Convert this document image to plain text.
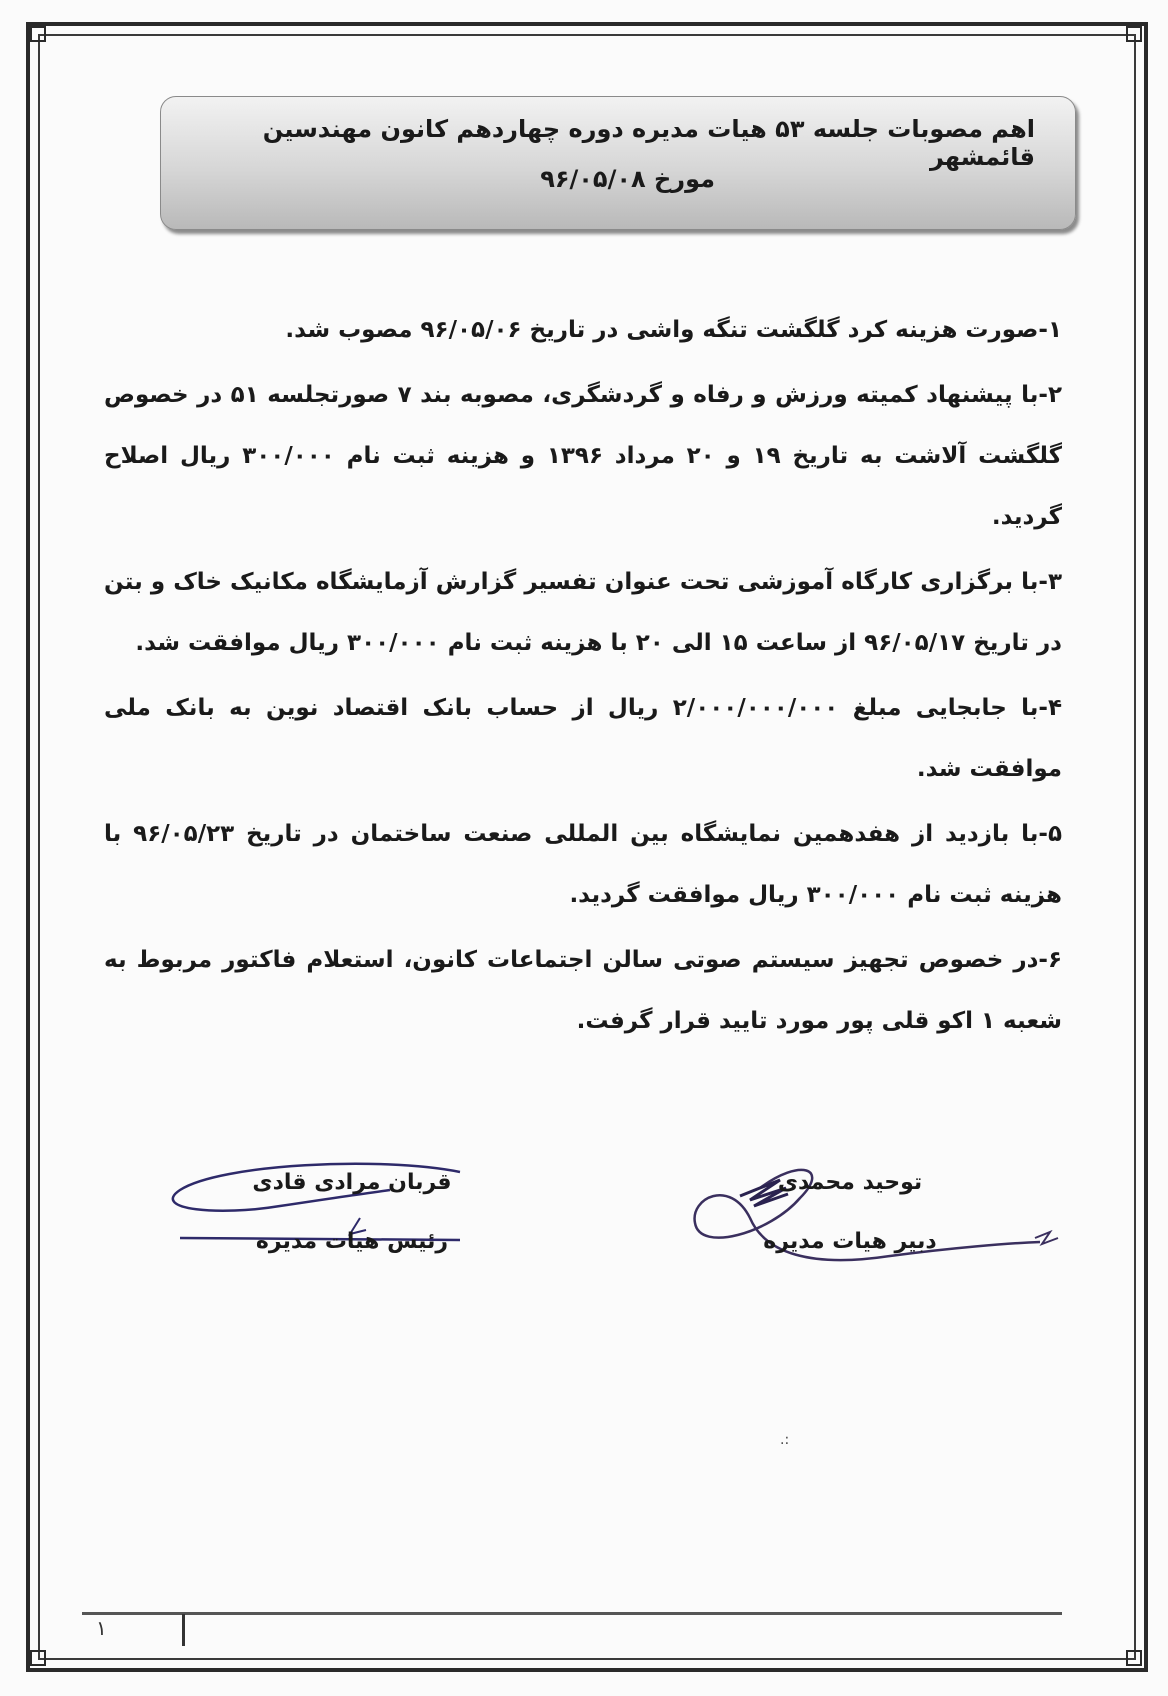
اهم مصوبات جلسه ۵۳ هیات مدیره دوره چهاردهم کانون مهندسین قائمشهر
مورخ ۹۶/۰۵/۰۸

۱-صورت هزینه کرد گلگشت تنگه واشی در تاریخ ۹۶/۰۵/۰۶ مصوب شد.

۲-با پیشنهاد کمیته ورزش و رفاه و گردشگری، مصوبه بند ۷ صورتجلسه ۵۱ در خصوص گلگشت آلاشت به تاریخ ۱۹ و ۲۰ مرداد ۱۳۹۶ و هزینه ثبت نام ۳۰۰/۰۰۰ ریال اصلاح گردید.

۳-با برگزاری کارگاه آموزشی تحت عنوان تفسیر گزارش آزمایشگاه مکانیک خاک و بتن در تاریخ ۹۶/۰۵/۱۷ از ساعت ۱۵ الی ۲۰ با هزینه ثبت نام ۳۰۰/۰۰۰ ریال موافقت شد.

۴-با جابجایی مبلغ ۲/۰۰۰/۰۰۰/۰۰۰ ریال از حساب بانک اقتصاد نوین به بانک ملی موافقت شد.

۵-با بازدید از هفدهمین نمایشگاه بین المللی صنعت ساختمان در تاریخ ۹۶/۰۵/۲۳ با هزینه ثبت نام ۳۰۰/۰۰۰ ریال موافقت گردید.

۶-در خصوص تجهیز سیستم صوتی سالن اجتماعات کانون، استعلام فاکتور مربوط به شعبه ۱ اکو قلی پور مورد تایید قرار گرفت.

توحید محمدی
دبیر هیات مدیره
قربان مرادی قادی
رئیس هیات مدیره
.:
۱
